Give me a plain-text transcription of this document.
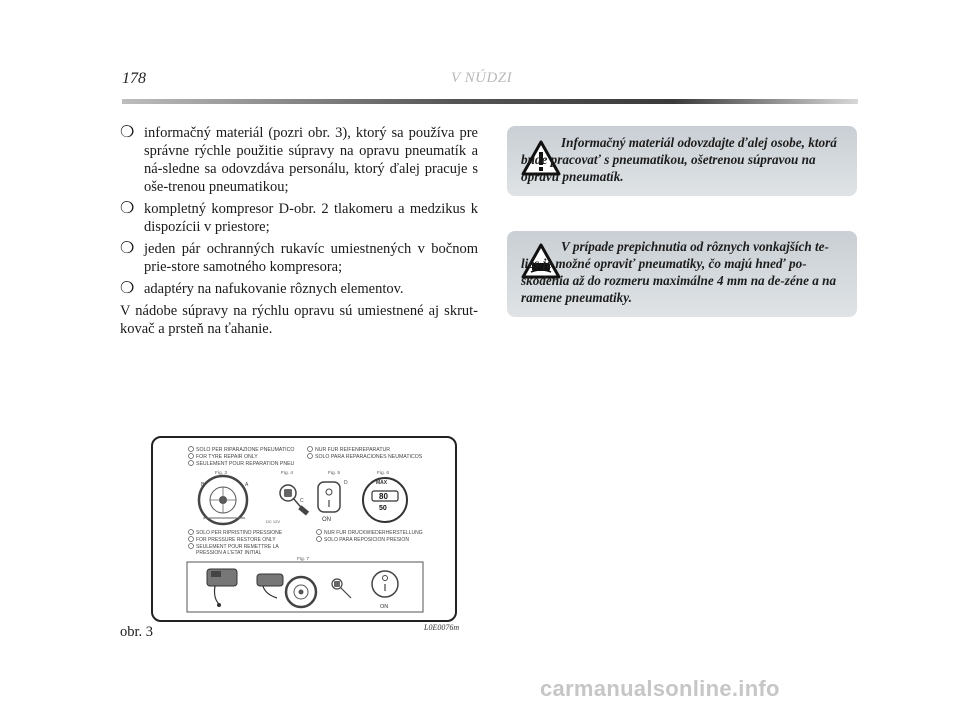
178	V NÚDZI
❍ informačný materiál (pozri obr. 3), ktorý sa používa pre správne rýchle použitie súpravy na opravu pneumatík a ná-sledne sa odovzdáva personálu, ktorý ďalej pracuje s oše-trenou pneumatikou;
❍ kompletný kompresor D-obr. 2 tlakomeru a medzikus k dispozícii v priestore;
❍ jeden pár ochranných rukavíc umiestnených v bočnom prie-store samotného kompresora;
❍ adaptéry na nafukovanie rôznych elementov.
V nádobe súpravy na rýchlu opravu sú umiestnené aj skrut-kovač a prsteň na ťahanie.
Informačný materiál odovzdajte ďalej osobe, ktorá bude pracovať s pneumatikou, ošetrenou súpravou na opravu pneumatík.
V prípade prepichnutia od rôznych vonkajších te-lies je možné opraviť pneumatiky, čo majú hneď po-škodenia až do rozmeru maximálne 4 mm na de-zéne a na ramene pneumatiky.
SOLO PER RIPARAZIONE PNEUMATICO
FOR TYRE REPAIR ONLY
SEULEMENT POUR REPARATION PNEU
NUR FUR REIFENREPARATUR
SOLO PARA REPARACIONES NEUMATICOS
Fig. 3	Fig. 4	Fig. 5	Fig. 6
B	A
DC 12V
C
ON
D
80
50
MAX
SOLO PER RIPRISTINO PRESSIONE
FOR PRESSURE RESTORE ONLY
SEULEMENT POUR REMETTRE LA
PRESSION A L'ETAT INITIAL
NUR FUR DRUCKWIEDERHERSTELLUNG
SOLO PARA REPOSICION PRESION
Fig. 7
ON
obr. 3	L0E0076m
carmanualsonline.info
